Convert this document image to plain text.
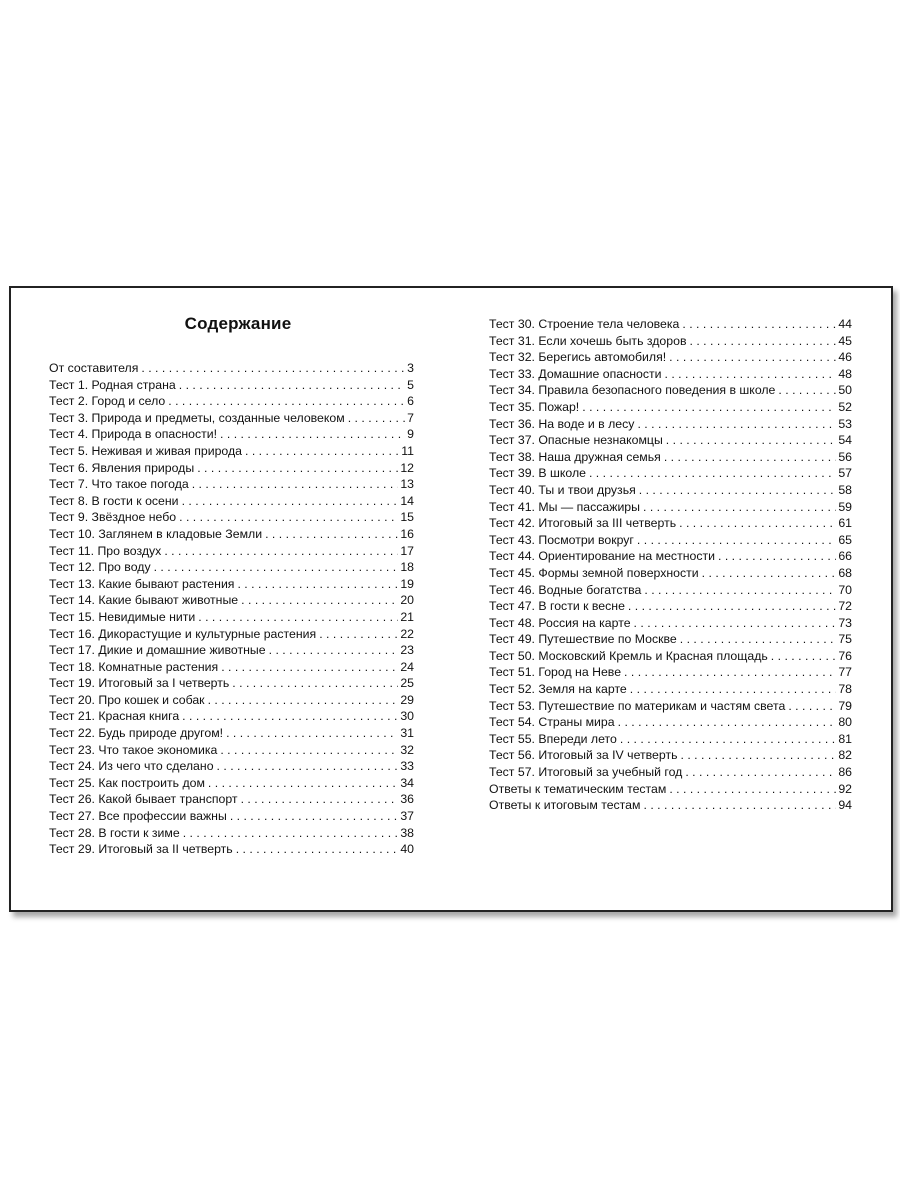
Содержание
От составителя . . .	3
Тест 1. Родная страна . . .	5
Тест 2. Город и село . . .	6
Тест 3. Природа и предметы, созданные человеком . . .	7
Тест 4. Природа в опасности! . . .	9
Тест 5. Неживая и живая природа . . .	11
Тест 6. Явления природы . . .	12
Тест 7. Что такое погода . . .	13
Тест 8. В гости к осени . . .	14
Тест 9. Звёздное небо . . .	15
Тест 10. Заглянем в кладовые Земли . . .	16
Тест 11. Про воздух . . .	17
Тест 12. Про воду . . .	18
Тест 13. Какие бывают растения . . .	19
Тест 14. Какие бывают животные . . .	20
Тест 15. Невидимые нити . . .	21
Тест 16. Дикорастущие и культурные растения . . .	22
Тест 17. Дикие и домашние животные . . .	23
Тест 18. Комнатные растения . . .	24
Тест 19. Итоговый за I четверть . . .	25
Тест 20. Про кошек и собак . . .	29
Тест 21. Красная книга . . .	30
Тест 22. Будь природе другом! . . .	31
Тест 23. Что такое экономика . . .	32
Тест 24. Из чего что сделано . . .	33
Тест 25. Как построить дом . . .	34
Тест 26. Какой бывает транспорт . . .	36
Тест 27. Все профессии важны . . .	37
Тест 28. В гости к зиме . . .	38
Тест 29. Итоговый за II четверть . . .	40
Тест 30. Строение тела человека . . .	44
Тест 31. Если хочешь быть здоров . . .	45
Тест 32. Берегись автомобиля! . . .	46
Тест 33. Домашние опасности . . .	48
Тест 34. Правила безопасного поведения в школе . . .	50
Тест 35. Пожар! . . .	52
Тест 36. На воде и в лесу . . .	53
Тест 37. Опасные незнакомцы . . .	54
Тест 38. Наша дружная семья . . .	56
Тест 39. В школе . . .	57
Тест 40. Ты и твои друзья . . .	58
Тест 41. Мы — пассажиры . . .	59
Тест 42. Итоговый за III четверть . . .	61
Тест 43. Посмотри вокруг . . .	65
Тест 44. Ориентирование на местности . . .	66
Тест 45. Формы земной поверхности . . .	68
Тест 46. Водные богатства . . .	70
Тест 47. В гости к весне . . .	72
Тест 48. Россия на карте . . .	73
Тест 49. Путешествие по Москве . . .	75
Тест 50. Московский Кремль и Красная площадь . . .	76
Тест 51. Город на Неве . . .	77
Тест 52. Земля на карте . . .	78
Тест 53. Путешествие по материкам и частям света . . .	79
Тест 54. Страны мира . . .	80
Тест 55. Впереди лето . . .	81
Тест 56. Итоговый за IV четверть . . .	82
Тест 57. Итоговый за учебный год . . .	86
Ответы к тематическим тестам . . .	92
Ответы к итоговым тестам . . .	94
